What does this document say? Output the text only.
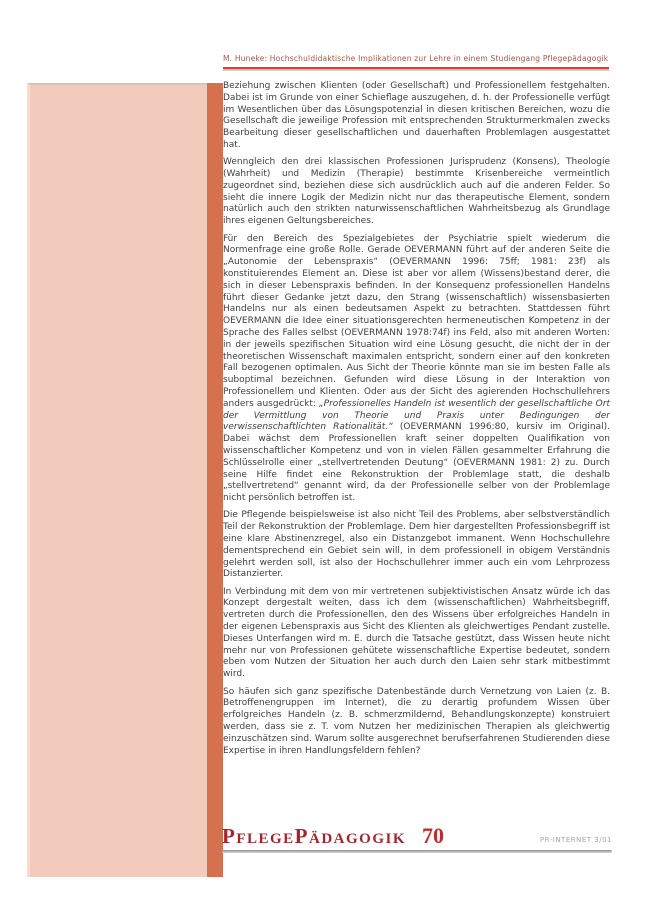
M. Huneke: Hochschuldidaktische Implikationen zur Lehre in einem Studiengang Pflegepädagogik

Beziehung zwischen Klienten (oder Gesellschaft) und Professionellem festgehalten. Dabei ist im Grunde von einer Schieflage auszugehen, d. h. der Professionelle verfügt im Wesentlichen über das Lösungspotenzial in diesen kritischen Bereichen, wozu die Gesellschaft die jeweilige Profession mit entsprechenden Strukturmerkmalen zwecks Bearbeitung dieser gesellschaftlichen und dauerhaften Problemlagen ausgestattet hat.

Wenngleich den drei klassischen Professionen Jurisprudenz (Konsens), Theologie (Wahrheit) und Medizin (Therapie) bestimmte Krisenbereiche vermeintlich zugeordnet sind, beziehen diese sich ausdrücklich auch auf die anderen Felder. So sieht die innere Logik der Medizin nicht nur das therapeutische Element, sondern natürlich auch den strikten naturwissenschaftlichen Wahrheitsbezug als Grundlage ihres eigenen Geltungsbereiches.

Für den Bereich des Spezialgebietes der Psychiatrie spielt wiederum die Normenfrage eine große Rolle. Gerade OEVERMANN führt auf der anderen Seite die „Autonomie der Lebenspraxis“ (OEVERMANN 1996: 75ff; 1981: 23f) als konstituierendes Element an. Diese ist aber vor allem (Wissens)bestand derer, die sich in dieser Lebenspraxis befinden. In der Konsequenz professionellen Handelns führt dieser Gedanke jetzt dazu, den Strang (wissenschaftlich) wissensbasierten Handelns nur als einen bedeutsamen Aspekt zu betrachten. Stattdessen führt OEVERMANN die Idee einer situationsgerechten hermeneutischen Kompetenz in der Sprache des Falles selbst (OEVERMANN 1978:74f) ins Feld, also mit anderen Worten: in der jeweils spezifischen Situation wird eine Lösung gesucht, die nicht der in der theoretischen Wissenschaft maximalen entspricht, sondern einer auf den konkreten Fall bezogenen optimalen. Aus Sicht der Theorie könnte man sie im besten Falle als suboptimal bezeichnen. Gefunden wird diese Lösung in der Interaktion von Professionellem und Klienten. Oder aus der Sicht des agierenden Hochschullehrers anders ausgedrückt: „Professionelles Handeln ist wesentlich der gesellschaftliche Ort der Vermittlung von Theorie und Praxis unter Bedingungen der verwissenschaftlichten Rationalität.“ (OEVERMANN 1996:80, kursiv im Original). Dabei wächst dem Professionellen kraft seiner doppelten Qualifikation von wissenschaftlicher Kompetenz und von in vielen Fällen gesammelter Erfahrung die Schlüsselrolle einer „stellvertretenden Deutung“ (OEVERMANN 1981: 2) zu. Durch seine Hilfe findet eine Rekonstruktion der Problemlage statt, die deshalb „stellvertretend“ genannt wird, da der Professionelle selber von der Problemlage nicht persönlich betroffen ist.

Die Pflegende beispielsweise ist also nicht Teil des Problems, aber selbstverständlich Teil der Rekonstruktion der Problemlage. Dem hier dargestellten Professionsbegriff ist eine klare Abstinenzregel, also ein Distanzgebot immanent. Wenn Hochschullehre dementsprechend ein Gebiet sein will, in dem professionell in obigem Verständnis gelehrt werden soll, ist also der Hochschullehrer immer auch ein vom Lehrprozess Distanzierter.

In Verbindung mit dem von mir vertretenen subjektivistischen Ansatz würde ich das Konzept dergestalt weiten, dass ich dem (wissenschaftlichen) Wahrheitsbegriff, vertreten durch die Professionellen, den des Wissens über erfolgreiches Handeln in der eigenen Lebenspraxis aus Sicht des Klienten als gleichwertiges Pendant zustelle. Dieses Unterfangen wird m. E. durch die Tatsache gestützt, dass Wissen heute nicht mehr nur von Professionen gehütete wissenschaftliche Expertise bedeutet, sondern eben vom Nutzen der Situation her auch durch den Laien sehr stark mitbestimmt wird.

So häufen sich ganz spezifische Datenbestände durch Vernetzung von Laien (z. B. Betroffenengruppen im Internet), die zu derartig profundem Wissen über erfolgreiches Handeln (z. B. schmerzmildernd, Behandlungskonzepte) konstruiert werden, dass sie z. T. vom Nutzen her medizinischen Therapien als gleichwertig einzuschätzen sind. Warum sollte ausgerechnet berufserfahrenen Studierenden diese Expertise in ihren Handlungsfeldern fehlen?

PflegePädagogik 70	PR-INTERNET 3/01
